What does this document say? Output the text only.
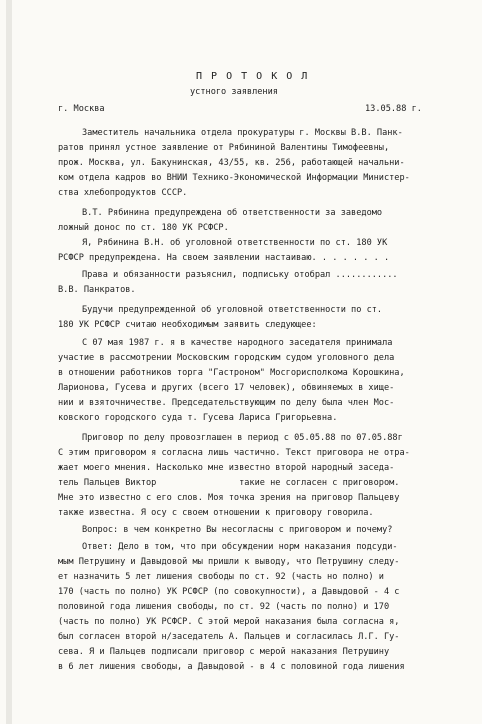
П Р О Т О К О Л
устного заявления
г. Москва	13.05.88 г.
Заместитель начальника отдела прокуратуры г. Москвы В.В. Панк-
ратов принял устное заявление от Рябининой Валентины Тимофеевны,
прож. Москва, ул. Бакунинская, 43/55, кв. 256, работающей начальни-
ком отдела кадров во ВНИИ Технико-Экономической Информации Министер-
ства хлебопродуктов СССР.
В.Т. Рябинина предупреждена об ответственности за заведомо
ложный донос по ст. 180 УК РСФСР.
Я, Рябинина В.Н. об уголовной ответственности по ст. 180 УК
РСФСР предупреждена. На своем заявлении настаиваю. . . . . . . .
Права и обязанности разъяснил, подпиську отобрал ............
В.В. Панкратов.
Будучи предупрежденной об уголовной ответственности по ст.
180 УК РСФСР считаю необходимым заявить следующее:
С 07 мая 1987 г. я в качестве народного заседателя принимала
участие в рассмотрении Московским городским судом уголовного дела
в отношении работников торга "Гастроном" Мосгорисполкома Корошкина,
Ларионова, Гусева и других (всего 17 человек), обвиняемых в хище-
нии и взяточничестве. Председательствующим по делу была член Мос-
ковского городского суда т. Гусева Лариса Григорьевна.
Приговор по делу провозглашен в период с 05.05.88 по 07.05.88г
С этим приговором я согласна лишь частично. Текст приговора не отра-
жает моего мнения. Насколько мне известно второй народный заседа-
тель Пальцев Виктор                такие не согласен с приговором.
Мне это известно с его слов. Моя точка зрения на приговор Пальцеву
также известна. Я осу с своем отношении к приговору говорила.
Вопрос: в чем конкретно Вы несогласны с приговором и почему?
Ответ: Дело в том, что при обсуждении норм наказания подсуди-
мым Петрушину и Давыдовой мы пришли к выводу, что Петрушину следу-
ет назначить 5 лет лишения свободы по ст. 92 (часть но полно) и
170 (часть по полно) УК РСФСР (по совокупности), а Давыдовой - 4 с
половиной года лишения свободы, по ст. 92 (часть по полно) и 170
(часть по полно) УК РСФСР. С этой мерой наказания была согласна я,
был согласен второй н/заседатель А. Пальцев и согласилась Л.Г. Гу-
сева. Я и Пальцев подписали приговор с мерой наказания Петрушину
в 6 лет лишения свободы, а Давыдовой - в 4 с половиной года лишения
